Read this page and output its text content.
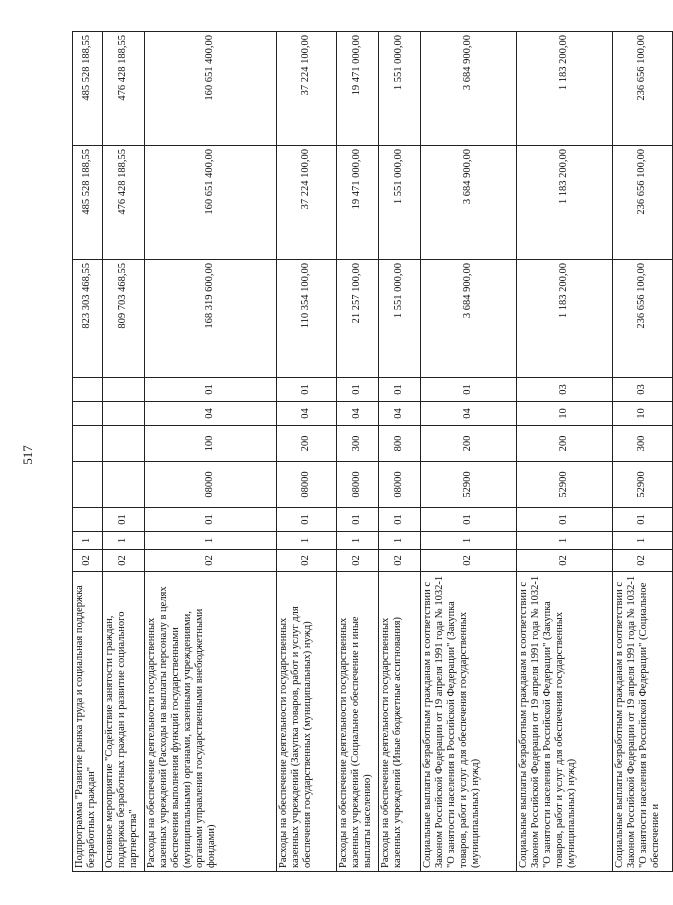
517
Подпрограмма "Развитие рынка труда и социальная поддержка безработных граждан"	02	1						823 303 468,55	485 528 188,55	485 528 188,55
Основное мероприятие "Содействие занятости граждан, поддержка безработных граждан и развитие социального партнерства"	02	1	01					809 703 468,55	476 428 188,55	476 428 188,55
Расходы на обеспечение деятельности государственных казенных учреждений (Расходы на выплаты персоналу в целях обеспечения выполнения функций государственными (муниципальными) органами, казенными учреждениями, органами управления государственными внебюджетными фондами)	02	1	01	08000	100	04	01	168 319 600,00	160 651 400,00	160 651 400,00
Расходы на обеспечение деятельности государственных казенных учреждений (Закупка товаров, работ и услуг для обеспечения государственных (муниципальных) нужд)	02	1	01	08000	200	04	01	110 354 100,00	37 224 100,00	37 224 100,00
Расходы на обеспечение деятельности государственных казенных учреждений (Социальное обеспечение и иные выплаты населению)	02	1	01	08000	300	04	01	21 257 100,00	19 471 000,00	19 471 000,00
Расходы на обеспечение деятельности государственных казенных учреждений (Иные бюджетные ассигнования)	02	1	01	08000	800	04	01	1 551 000,00	1 551 000,00	1 551 000,00
Социальные выплаты безработным гражданам в соответствии с Законом Российской Федерации от 19 апреля 1991 года № 1032-1 "О занятости населения в Российской Федерации" (Закупка товаров, работ и услуг для обеспечения государственных (муниципальных) нужд)	02	1	01	52900	200	04	01	3 684 900,00	3 684 900,00	3 684 900,00
Социальные выплаты безработным гражданам в соответствии с Законом Российской Федерации от 19 апреля 1991 года № 1032-1 "О занятости населения в Российской Федерации" (Закупка товаров, работ и услуг для обеспечения государственных (муниципальных) нужд)	02	1	01	52900	200	10	03	1 183 200,00	1 183 200,00	1 183 200,00
Социальные выплаты безработным гражданам в соответствии с Законом Российской Федерации от 19 апреля 1991 года № 1032-1 "О занятости населения в Российской Федерации" (Социальное обеспечение и	02	1	01	52900	300	10	03	236 656 100,00	236 656 100,00	236 656 100,00
